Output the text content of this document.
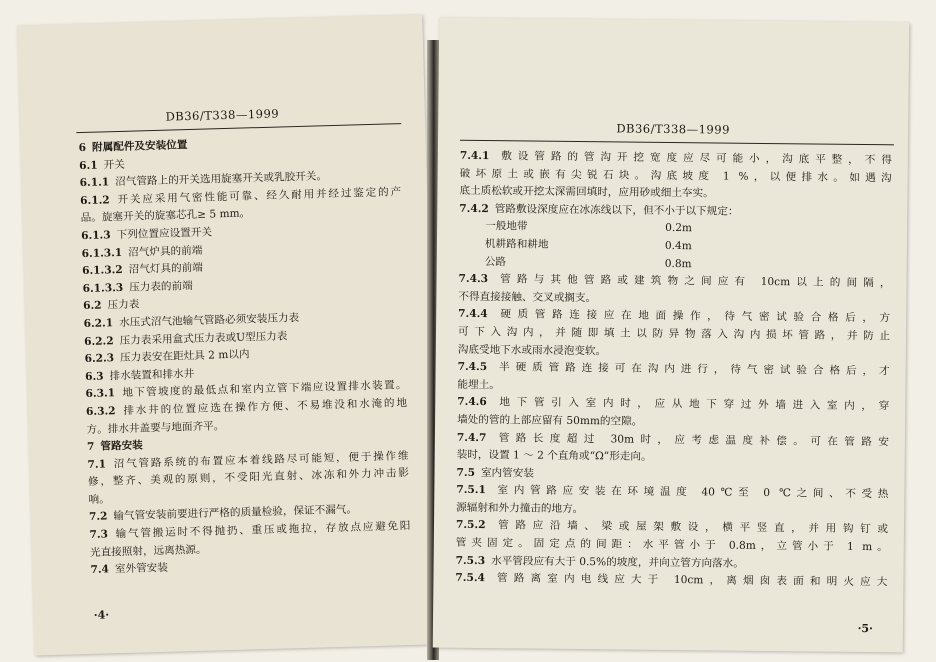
DB36/T338—1999
6 附属配件及安装位置
6.1 开关
6.1.1 沼气管路上的开关选用旋塞开关或乳胶开关。
6.1.2 开关应采用气密性能可靠、经久耐用并经过鉴定的产
品。旋塞开关的旋塞芯孔≥ 5 mm。
6.1.3 下列位置应设置开关
6.1.3.1 沼气炉具的前端
6.1.3.2 沼气灯具的前端
6.1.3.3 压力表的前端
6.2 压力表
6.2.1 水压式沼气池输气管路必须安装压力表
6.2.2 压力表采用盒式压力表或U型压力表
6.2.3 压力表安在距灶具 2 m以内
6.3 排水装置和排水井
6.3.1 地下管坡度的最低点和室内立管下端应设置排水装置。
6.3.2 排水井的位置应选在操作方便、不易堆没和水淹的地
方。排水井盖要与地面齐平。
7 管路安装
7.1 沼气管路系统的布置应本着线路尽可能短，便于操作维
修，整齐、美观的原则，不受阳光直射、冰冻和外力冲击影
响。
7.2 输气管安装前要进行严格的质量检验，保证不漏气。
7.3 输气管搬运时不得抛扔、重压或拖拉，存放点应避免阳
光直接照射，远离热源。
7.4 室外管安装
·4·
DB36/T338—1999
7.4.1 敷设管路的管沟开挖宽度应尽可能小，沟底平整，不得
破坏原土或嵌有尖锐石块。沟底坡度 1 %，以便排水。如遇沟
底土质松软或开挖太深需回填时，应用砂或细土夲实。
7.4.2 管路敷设深度应在冰冻线以下，但不小于以下规定：
一般地带	0.2m
机耕路和耕地	0.4m
公路	0.8m
7.4.3 管路与其他管路或建筑物之间应有 10cm以上的间隔，
不得直接接触、交叉或搁支。
7.4.4 硬质管路连接应在地面操作，待气密试验合格后，方
可下入沟内，并随即填土以防异物落入沟内损坏管路，并防止
沟底受地下水或雨水浸泡变软。
7.4.5 半硬质管路连接可在沟内进行，待气密试验合格后，才
能埋土。
7.4.6 地下管引入室内时，应从地下穿过外墙进入室内，穿
墙处的管的上部应留有 50mm的空隙。
7.4.7 管路长度超过 30m时，应考虑温度补偿。可在管路安
装时，设置 1 ～ 2 个直角或“Ω”形走向。
7.5 室内管安装
7.5.1 室内管路应安装在环境温度 40℃至 0 ℃之间、不受热
源辐射和外力撞击的地方。
7.5.2 管路应沿墙、梁或屋架敷设，横平竖直，并用钩钉或
管夹固定。固定点的间距：水平管小于 0.8m，立管小于 1 m。
7.5.3 水平管段应有大于 0.5%的坡度，并向立管方向落水。
7.5.4 管路离室内电线应大于 10cm，离烟囱表面和明火应大
·5·
